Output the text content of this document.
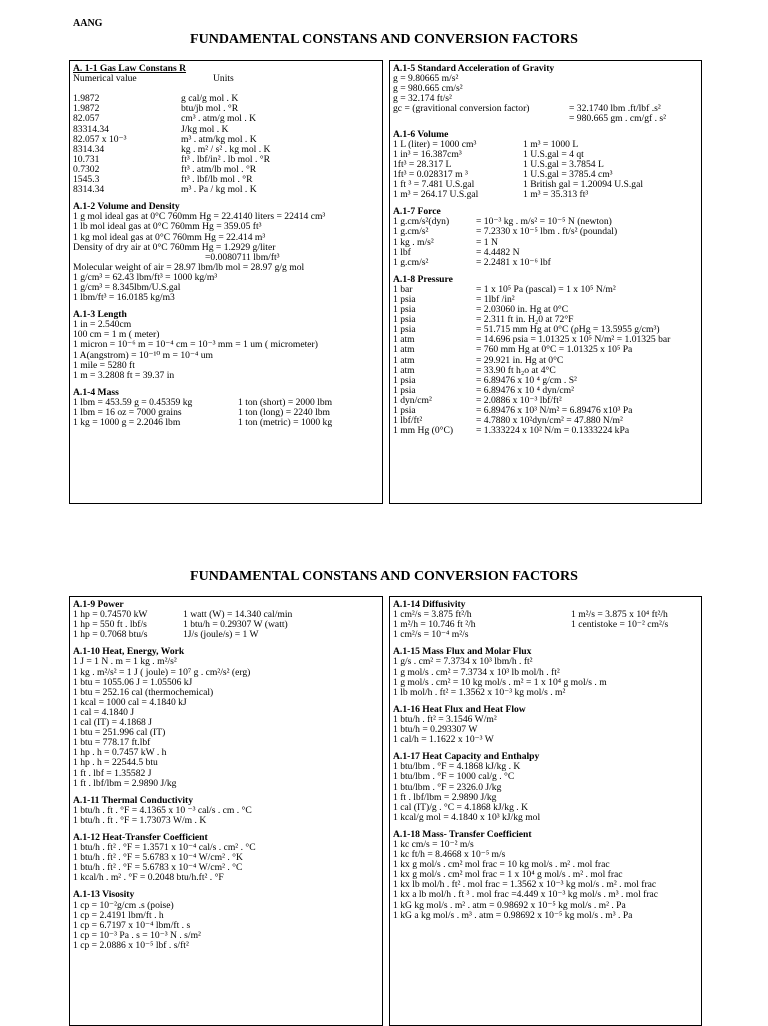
AANG
FUNDAMENTAL CONSTANS AND CONVERSION FACTORS
A. 1-1 Gas Law Constans R
Numerical value	Units
1.9872	g cal/g mol . K
1.9872	btu/jb mol . °R
82.057	cm³ . atm/g mol . K
83314.34	J/kg mol . K
82.057 x 10⁻³	m³ . atm/kg mol . K
8314.34	kg . m² / s² . kg mol . K
10.731	ft³ . lbf/in² . lb mol . °R
0.7302	ft³ . atm/lb mol . °R
1545.3	ft³ . lbf/lb mol . °R
8314.34	m³ . Pa / kg mol . K
A.1-2 Volume and Density
1 g mol ideal gas at 0°C 760mm Hg = 22.4140 liters = 22414 cm³
1 lb mol ideal gas at 0°C 760mm Hg = 359.05 ft³
1 kg mol ideal gas at 0°C 760mm Hg = 22.414 m³
Density of dry air at 0°C 760mm Hg = 1.2929 g/liter
=0.0080711 lbm/ft³
Molecular weight of air = 28.97 lbm/lb mol = 28.97 g/g mol
1 g/cm³ = 62.43 lbm/ft³ = 1000 kg/m³
1 g/cm³ = 8.345lbm/U.S.gal
1 lbm/ft³ = 16.0185 kg/m3
A.1-3 Length
1 in = 2.540cm
100 cm = 1 m ( meter)
1 micron = 10⁻⁶ m = 10⁻⁴ cm = 10⁻³ mm = 1 um ( micrometer)
1 A(angstrom) = 10⁻¹⁰ m = 10⁻⁴ um
1 mile = 5280 ft
1 m = 3.2808 ft = 39.37 in
A.1-4 Mass
1 lbm = 453.59 g = 0.45359 kg	1 ton (short) = 2000 lbm
1 lbm = 16 oz = 7000 grains	1 ton (long) = 2240 lbm
1 kg = 1000 g = 2.2046 lbm	1 ton (metric) = 1000 kg
A.1-5 Standard Acceleration of Gravity
g = 9.80665 m/s²
g = 980.665 cm/s²
g = 32.174 ft/s²
gc = (gravitional conversion factor)	= 32.1740 lbm .ft/lbf .s²
= 980.665 gm . cm/gf . s²
A.1-6 Volume
1 L (liter) = 1000 cm³	1 m³ = 1000 L
1 in³ = 16.387cm³	1 U.S.gal = 4 qt
1ft³ = 28.317 L	1 U.S.gal = 3.7854 L
1ft³ = 0.028317 m ³	1 U.S.gal = 3785.4 cm³
1 ft ³ = 7.481 U.S.gal	1 British gal = 1.20094 U.S.gal
1 m³ = 264.17 U.S.gal	1 m³ = 35.313 ft³
A.1-7 Force
1 g.cm/s²(dyn)	= 10⁻³ kg . m/s² = 10⁻⁵ N (newton)
1 g.cm/s²	= 7.2330 x 10⁻⁵ lbm . ft/s² (poundal)
1 kg . m/s²	= 1 N
1 lbf	= 4.4482 N
1 g.cm/s²	= 2.2481 x 10⁻⁶ lbf
A.1-8 Pressure
1 bar	= 1 x 10⁵ Pa (pascal) = 1 x 10⁵ N/m²
1 psia	= 1lbf /in²
1 psia	= 2.03060 in. Hg at 0°C
1 psia	= 2.311 ft in. H₂0 at 72°F
1 psia	= 51.715 mm Hg at 0°C (ρHg = 13.5955 g/cm³)
1 atm	= 14.696 psia = 1.01325 x 10⁵ N/m² = 1.01325 bar
1 atm	= 760 mm Hg at 0°C = 1.01325 x 10⁵ Pa
1 atm	= 29.921 in. Hg at 0°C
1 atm	= 33.90 ft h₂o at 4°C
1 psia	= 6.89476 x 10 ⁴ g/cm . S²
1 psia	= 6.89476 x 10 ⁴ dyn/cm²
1 dyn/cm²	= 2.0886 x 10⁻³ lbf/ft²
1 psia	= 6.89476 x 10³ N/m² = 6.89476 x10³ Pa
1 lbf/ft²	= 4.7880 x 10²dyn/cm² = 47.880 N/m²
1 mm Hg (0°C) = 1.333224 x 10² N/m = 0.1333224 kPa
FUNDAMENTAL CONSTANS AND CONVERSION FACTORS
A.1-9 Power
1 hp = 0.74570 kW	1 watt (W) = 14.340 cal/min
1 hp = 550 ft . lbf/s	1 btu/h = 0.29307 W (watt)
1 hp = 0.7068 btu/s	1J/s (joule/s) = 1 W
A.1-10 Heat, Energy, Work
1 J = 1 N . m = 1 kg . m²/s²
1 kg . m²/s² = 1 J ( joule) = 10⁷ g . cm²/s² (erg)
1 btu = 1055.06 J = 1.05506 kJ
1 btu = 252.16 cal (thermochemical)
1 kcal = 1000 cal = 4.1840 kJ
1 cal = 4.1840 J
1 cal (IT) = 4.1868 J
1 btu = 251.996 cal (IT)
1 btu = 778.17 ft.lbf
1 hp . h = 0.7457 kW . h
1 hp . h = 22544.5 btu
1 ft . lbf = 1.35582 J
1 ft . lbf/lbm = 2.9890 J/kg
A.1-11 Thermal Conductivity
1 btu/h . ft . °F = 4.1365 x 10 ⁻³ cal/s . cm . °C
1 btu/h . ft . °F = 1.73073 W/m . K
A.1-12 Heat-Transfer Coefficient
1 btu/h . ft² . °F = 1.3571 x 10⁻⁴ cal/s . cm² . °C
1 btu/h . ft² . °F = 5.6783 x 10⁻⁴ W/cm² . °K
1 btu/h . ft² . °F = 5.6783 x 10⁻⁴ W/cm² . °C
1 kcal/h . m² . °F = 0.2048 btu/h.ft² . °F
A.1-13 Visosity
1 cp = 10⁻²g/cm .s (poise)
1 cp = 2.4191 lbm/ft . h
1 cp = 6.7197 x 10⁻⁴ lbm/ft . s
1 cp = 10⁻³ Pa . s = 10⁻³ N . s/m²
1 cp = 2.0886 x 10⁻⁵ lbf . s/ft²
A.1-14 Diffusivity
1 cm²/s = 3.875 ft²/h	1 m²/s = 3.875 x 10⁴ ft²/h
1 m²/h = 10.746 ft ²/h	1 centistoke = 10⁻² cm²/s
1 cm²/s = 10⁻⁴ m²/s
A.1-15 Mass Flux and Molar Flux
1 g/s . cm² = 7.3734 x 10³ lbm/h . ft²
1 g mol/s . cm² = 7.3734 x 10³ lb mol/h . ft²
1 g mol/s . cm² = 10 kg mol/s . m² = 1 x 10⁴ g mol/s . m
1 lb mol/h . ft² = 1.3562 x 10⁻³ kg mol/s . m²
A.1-16 Heat Flux and Heat Flow
1 btu/h . ft² = 3.1546 W/m²
1 btu/h = 0.293307 W
1 cal/h = 1.1622 x 10⁻³ W
A.1-17 Heat Capacity and Enthalpy
1 btu/lbm . °F = 4.1868 kJ/kg . K
1 btu/lbm . °F = 1000 cal/g . °C
1 btu/lbm . °F = 2326.0 J/kg
1 ft . lbf/lbm = 2.9890 J/kg
1 cal (IT)/g . °C = 4.1868 kJ/kg . K
1 kcal/g mol = 4.1840 x 10³ kJ/kg mol
A.1-18 Mass- Transfer Coefficient
1 kc cm/s = 10⁻² m/s
1 kc ft/h = 8.4668 x 10⁻⁵ m/s
1 kx g mol/s . cm² mol frac = 10 kg mol/s . m² . mol frac
1 kx g mol/s . cm² mol frac = 1 x 10⁴ g mol/s . m² . mol frac
1 kx lb mol/h . ft² . mol frac = 1.3562 x 10⁻³ kg mol/s . m² . mol frac
1 kx a lb mol/h . ft ³ . mol frac =4.449 x 10⁻³ kg mol/s . m³ . mol frac
1 kG kg mol/s . m² . atm = 0.98692 x 10⁻⁵ kg mol/s . m² . Pa
1 kG a kg mol/s . m³ . atm = 0.98692 x 10⁻⁵ kg mol/s . m³ . Pa
